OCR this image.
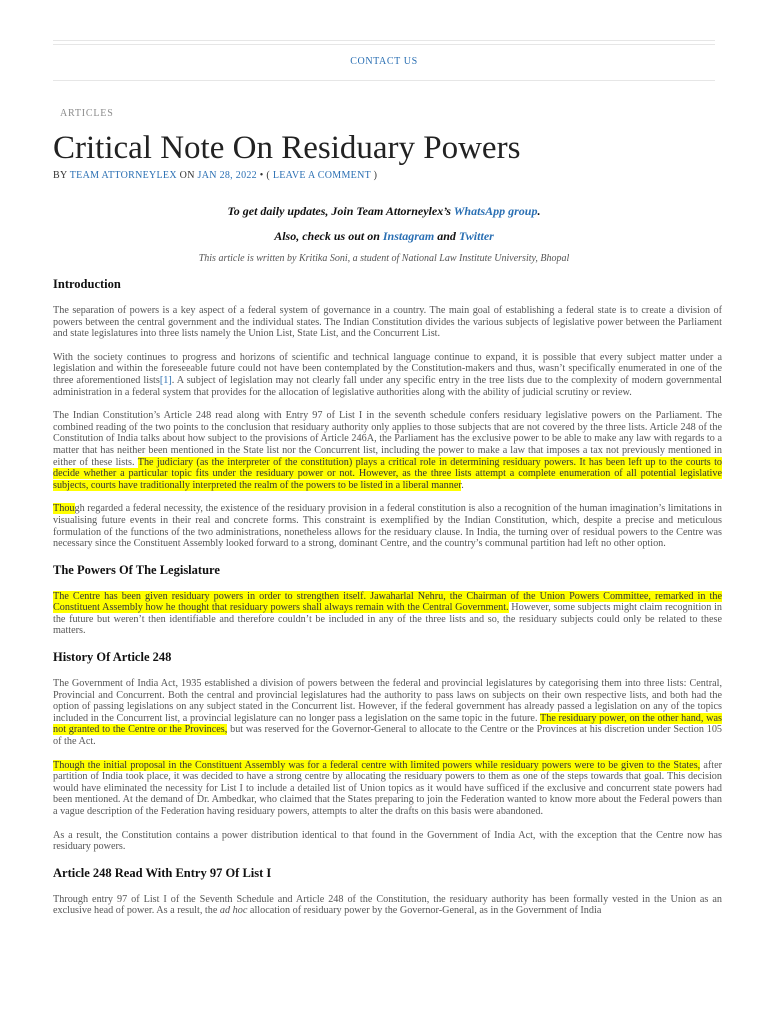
CONTACT US
ARTICLES
Critical Note On Residuary Powers
BY TEAM ATTORNEYLEX ON JAN 28, 2022 • ( LEAVE A COMMENT )
To get daily updates, Join Team Attorneylex’s WhatsApp group.
Also, check us out on Instagram and Twitter
This article is written by Kritika Soni, a student of National Law Institute University, Bhopal
Introduction

The separation of powers is a key aspect of a federal system of governance in a country. The main goal of establishing a federal state is to create a division of powers between the central government and the individual states. The Indian Constitution divides the various subjects of legislative power between the Parliament and state legislatures into three lists namely the Union List, State List, and the Concurrent List.

With the society continues to progress and horizons of scientific and technical language continue to expand, it is possible that every subject matter under a legislation and within the foreseeable future could not have been contemplated by the Constitution-makers and thus, wasn’t specifically enumerated in one of the three aforementioned lists[1]. A subject of legislation may not clearly fall under any specific entry in the tree lists due to the complexity of modern governmental administration in a federal system that provides for the allocation of legislative authorities along with the ability of judicial scrutiny or review.

The Indian Constitution’s Article 248 read along with Entry 97 of List I in the seventh schedule confers residuary legislative powers on the Parliament. The combined reading of the two points to the conclusion that residuary authority only applies to those subjects that are not covered by the three lists. Article 248 of the Constitution of India talks about how subject to the provisions of Article 246A, the Parliament has the exclusive power to be able to make any law with regards to a matter that has neither been mentioned in the State list nor the Concurrent list, including the power to make a law that imposes a tax not previously mentioned in either of these lists. The judiciary (as the interpreter of the constitution) plays a critical role in determining residuary powers. It has been left up to the courts to decide whether a particular topic fits under the residuary power or not. However, as the three lists attempt a complete enumeration of all potential legislative subjects, courts have traditionally interpreted the realm of the powers to be listed in a liberal manner.

Though regarded a federal necessity, the existence of the residuary provision in a federal constitution is also a recognition of the human imagination’s limitations in visualising future events in their real and concrete forms. This constraint is exemplified by the Indian Constitution, which, despite a precise and meticulous formulation of the functions of the two administrations, nonetheless allows for the residuary clause. In India, the turning over of residual powers to the Centre was necessary since the Constituent Assembly looked forward to a strong, dominant Centre, and the country’s communal partition had left no other option.

The Powers Of The Legislature

The Centre has been given residuary powers in order to strengthen itself. Jawaharlal Nehru, the Chairman of the Union Powers Committee, remarked in the Constituent Assembly how he thought that residuary powers shall always remain with the Central Government. However, some subjects might claim recognition in the future but weren’t then identifiable and therefore couldn’t be included in any of the three lists and so, the residuary subjects could only be related to these matters.

History Of Article 248

The Government of India Act, 1935 established a division of powers between the federal and provincial legislatures by categorising them into three lists: Central, Provincial and Concurrent. Both the central and provincial legislatures had the authority to pass laws on subjects on their own respective lists, and both had the option of passing legislations on any subject stated in the Concurrent list. However, if the federal government has already passed a legislation on any of the topics included in the Concurrent list, a provincial legislature can no longer pass a legislation on the same topic in the future. The residuary power, on the other hand, was not granted to the Centre or the Provinces, but was reserved for the Governor-General to allocate to the Centre or the Provinces at his discretion under Section 105 of the Act.

Though the initial proposal in the Constituent Assembly was for a federal centre with limited powers while residuary powers were to be given to the States, after partition of India took place, it was decided to have a strong centre by allocating the residuary powers to them as one of the steps towards that goal. This decision would have eliminated the necessity for List I to include a detailed list of Union topics as it would have sufficed if the exclusive and concurrent state powers had been mentioned. At the demand of Dr. Ambedkar, who claimed that the States preparing to join the Federation wanted to know more about the Federal powers than a vague description of the Federation having residuary powers, attempts to alter the drafts on this basis were abandoned.

As a result, the Constitution contains a power distribution identical to that found in the Government of India Act, with the exception that the Centre now has residuary powers.

Article 248 Read With Entry 97 Of List I

Through entry 97 of List I of the Seventh Schedule and Article 248 of the Constitution, the residuary authority has been formally vested in the Union as an exclusive head of power. As a result, the ad hoc allocation of residuary power by the Governor-General, as in the Government of India
